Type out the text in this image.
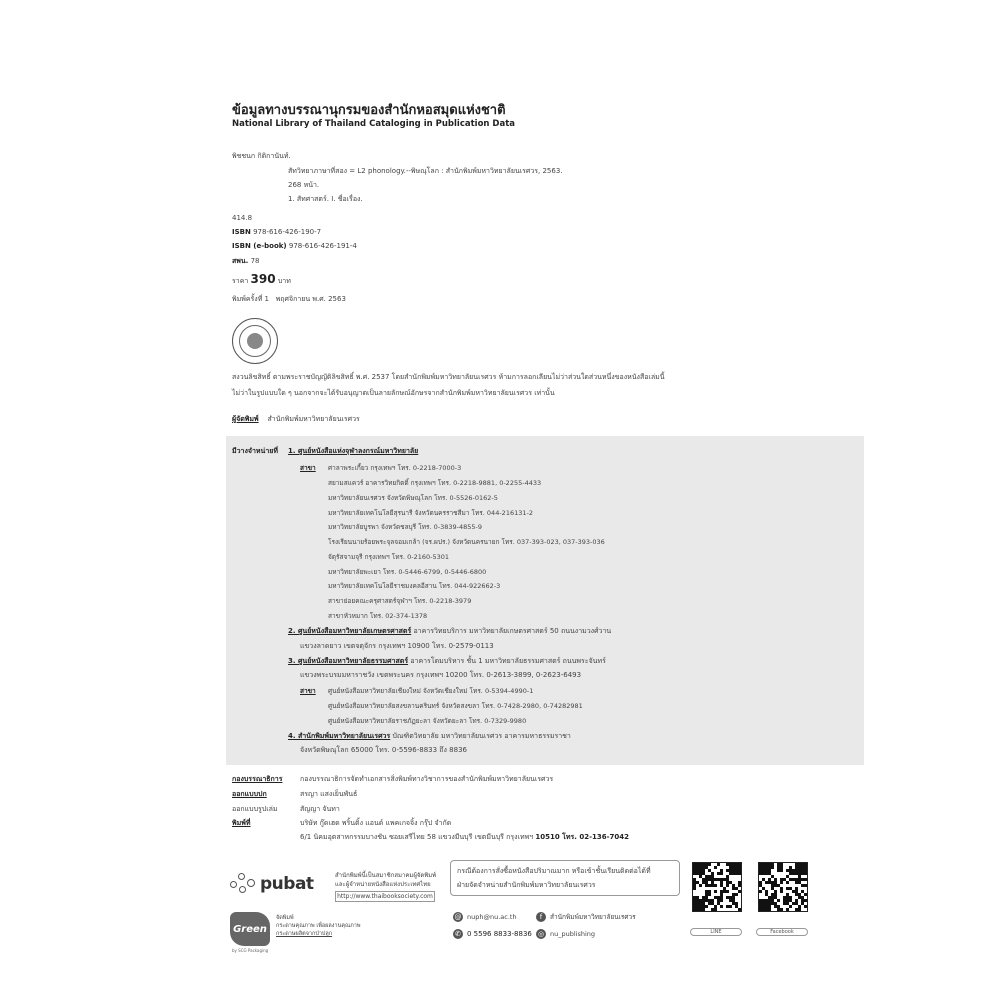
ข้อมูลทางบรรณานุกรมของสำนักหอสมุดแห่งชาติ
National Library of Thailand Cataloging in Publication Data
พิชชนก กิติกานันท์.
สัทวิทยาภาษาที่สอง = L2 phonology.--พิษณุโลก : สำนักพิมพ์มหาวิทยาลัยนเรศวร, 2563.
268 หน้า.
1. สัทศาสตร์. I. ชื่อเรื่อง.
414.8
ISBN 978-616-426-190-7
ISBN (e-book) 978-616-426-191-4
สพน. 78
ราคา 390 บาท
พิมพ์ครั้งที่ 1 พฤศจิกายน พ.ศ. 2563
สงวนลิขสิทธิ์ ตามพระราชบัญญัติลิขสิทธิ์ พ.ศ. 2537 โดยสำนักพิมพ์มหาวิทยาลัยนเรศวร ห้ามการลอกเลียนไม่ว่าส่วนใดส่วนหนึ่งของหนังสือเล่มนี้
ไม่ว่าในรูปแบบใด ๆ นอกจากจะได้รับอนุญาตเป็นลายลักษณ์อักษรจากสำนักพิมพ์มหาวิทยาลัยนเรศวร เท่านั้น
ผู้จัดพิมพ์ สำนักพิมพ์มหาวิทยาลัยนเรศวร
มีวางจำหน่ายที่ 1. ศูนย์หนังสือแห่งจุฬาลงกรณ์มหาวิทยาลัย
สาขา ศาลาพระเกี้ยว กรุงเทพฯ โทร. 0-2218-7000-3
สยามสแควร์ อาคารวิทยกิตติ์ กรุงเทพฯ โทร. 0-2218-9881, 0-2255-4433
มหาวิทยาลัยนเรศวร จังหวัดพิษณุโลก โทร. 0-5526-0162-5
มหาวิทยาลัยเทคโนโลยีสุรนารี จังหวัดนครราชสีมา โทร. 044-216131-2
มหาวิทยาลัยบูรพา จังหวัดชลบุรี โทร. 0-3839-4855-9
โรงเรียนนายร้อยพระจุลจอมเกล้า (จร.ผปร.) จังหวัดนครนายก โทร. 037-393-023, 037-393-036
จัตุรัสจามจุรี กรุงเทพฯ โทร. 0-2160-5301
มหาวิทยาลัยพะเยา โทร. 0-5446-6799, 0-5446-6800
มหาวิทยาลัยเทคโนโลยีราชมงคลอีสาน โทร. 044-922662-3
สาขาย่อยคณะครุศาสตร์จุฬาฯ โทร. 0-2218-3979
สาขาหัวหมาก โทร. 02-374-1378
2. ศูนย์หนังสือมหาวิทยาลัยเกษตรศาสตร์ อาคารวิทยบริการ มหาวิทยาลัยเกษตรศาสตร์ 50 ถนนงามวงศ์วาน
แขวงลาดยาว เขตจตุจักร กรุงเทพฯ 10900 โทร. 0-2579-0113
3. ศูนย์หนังสือมหาวิทยาลัยธรรมศาสตร์ อาคารโดมบริหาร ชั้น 1 มหาวิทยาลัยธรรมศาสตร์ ถนนพระจันทร์
แขวงพระบรมมหาราชวัง เขตพระนคร กรุงเทพฯ 10200 โทร. 0-2613-3899, 0-2623-6493
สาขา ศูนย์หนังสือมหาวิทยาลัยเชียงใหม่ จังหวัดเชียงใหม่ โทร. 0-5394-4990-1
ศูนย์หนังสือมหาวิทยาลัยสงขลานครินทร์ จังหวัดสงขลา โทร. 0-7428-2980, 0-74282981
ศูนย์หนังสือมหาวิทยาลัยราชภัฏยะลา จังหวัดยะลา โทร. 0-7329-9980
4. สำนักพิมพ์มหาวิทยาลัยนเรศวร บัณฑิตวิทยาลัย มหาวิทยาลัยนเรศวร อาคารมหาธรรมราชา
จังหวัดพิษณุโลก 65000 โทร. 0-5596-8833 ถึง 8836
กองบรรณาธิการ	กองบรรณาธิการจัดทำเอกสารสิ่งพิมพ์ทางวิชาการของสำนักพิมพ์มหาวิทยาลัยนเรศวร
ออกแบบปก	สรญา แสงเย็นพันธ์
ออกแบบรูปเล่ม	สัญญา จันทา
พิมพ์ที่	บริษัท กู๊ดเฮด พริ้นติ้ง แอนด์ แพคเกจจิ้ง กรุ๊ป จำกัด
6/1 นิคมอุตสาหกรรมบางชัน ซอยเสรีไทย 58 แขวงมีนบุรี เขตมีนบุรี กรุงเทพฯ 10510 โทร. 02-136-7042
pubat	สำนักพิมพ์นี้เป็นสมาชิกสมาคมผู้จัดพิมพ์
และผู้จำหน่ายหนังสือแห่งประเทศไทย
http://www.thaibooksociety.com
Green
by SCG Packaging
จัดพิมพ์
กระดาษคุณภาพ เพื่อผลงานคุณภาพ
กระดาษผลิตจากป่าปลูก
กรณีต้องการสั่งซื้อหนังสือปริมาณมาก หรือเข้าชั้นเรียนติดต่อได้ที่
ฝ่ายจัดจำหน่ายสำนักพิมพ์มหาวิทยาลัยนเรศวร
@ nuph@nu.ac.th	f	สำนักพิมพ์มหาวิทยาลัยนเรศวร
✆ 0 5596 8833-8836 ◎ nu_publishing	LINE	Facebook
